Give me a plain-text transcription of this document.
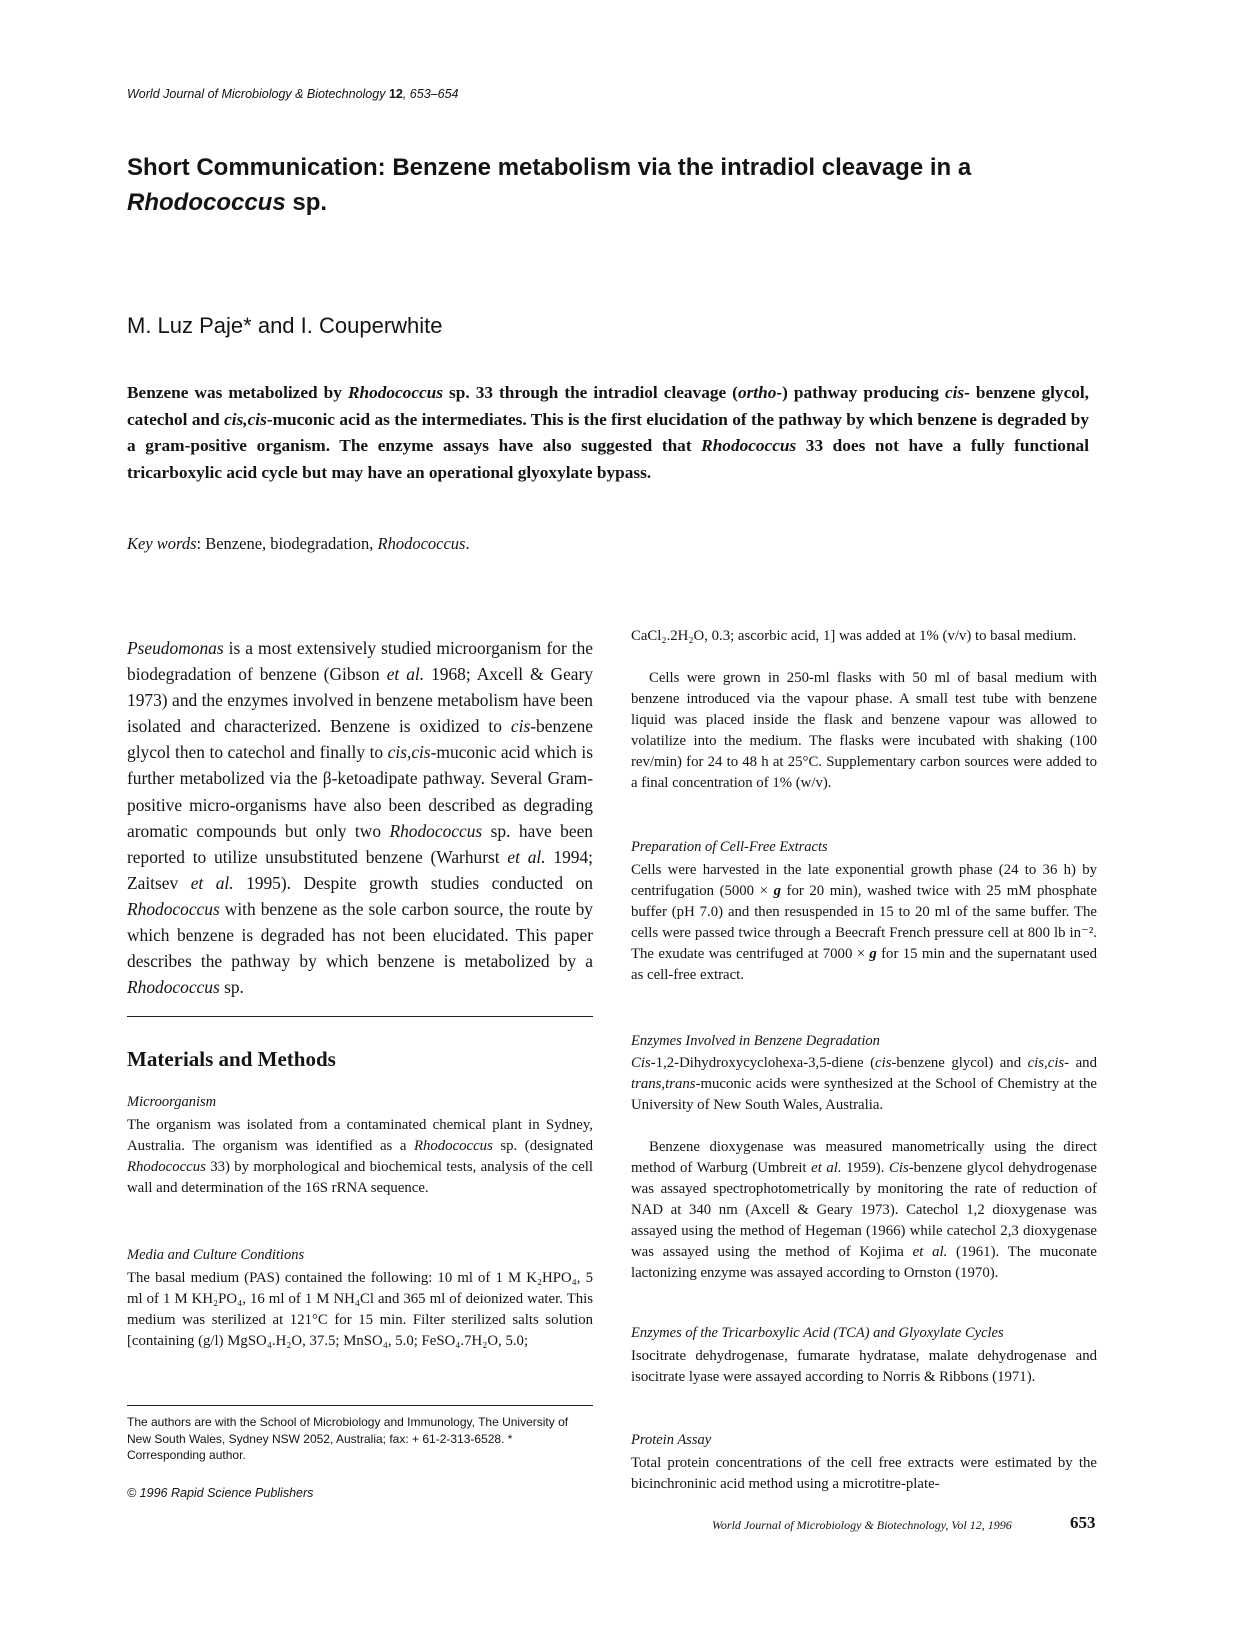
World Journal of Microbiology & Biotechnology 12, 653–654
Short Communication: Benzene metabolism via the intradiol cleavage in a
Rhodococcus sp.
M. Luz Paje* and I. Couperwhite
Benzene was metabolized by Rhodococcus sp. 33 through the intradiol cleavage (ortho-) pathway producing cis- benzene glycol, catechol and cis,cis-muconic acid as the intermediates. This is the first elucidation of the pathway by which benzene is degraded by a gram-positive organism. The enzyme assays have also suggested that Rhodococcus 33 does not have a fully functional tricarboxylic acid cycle but may have an operational glyoxylate bypass.
Key words: Benzene, biodegradation, Rhodococcus.
Pseudomonas is a most extensively studied microorganism for the biodegradation of benzene (Gibson et al. 1968; Axcell & Geary 1973) and the enzymes involved in benzene metabolism have been isolated and characterized. Benzene is oxidized to cis-benzene glycol then to catechol and finally to cis,cis-muconic acid which is further metabolized via the β-ketoadipate pathway. Several Gram-positive micro-organisms have also been described as degrading aromatic compounds but only two Rhodococcus sp. have been reported to utilize unsubstituted benzene (Warhurst et al. 1994; Zaitsev et al. 1995). Despite growth studies conducted on Rhodococcus with benzene as the sole carbon source, the route by which benzene is degraded has not been elucidated. This paper describes the pathway by which benzene is metabolized by a Rhodococcus sp.
Materials and Methods
Microorganism
The organism was isolated from a contaminated chemical plant in Sydney, Australia. The organism was identified as a Rhodococcus sp. (designated Rhodococcus 33) by morphological and biochemical tests, analysis of the cell wall and determination of the 16S rRNA sequence.
Media and Culture Conditions
The basal medium (PAS) contained the following: 10 ml of 1 M K₂HPO₄, 5 ml of 1 M KH₂PO₄, 16 ml of 1 M NH₄Cl and 365 ml of deionized water. This medium was sterilized at 121°C for 15 min. Filter sterilized salts solution [containing (g/l) MgSO₄.H₂O, 37.5; MnSO₄, 5.0; FeSO₄.7H₂O, 5.0;
The authors are with the School of Microbiology and Immunology, The University of New South Wales, Sydney NSW 2052, Australia; fax: + 61-2-313-6528. * Corresponding author.
© 1996 Rapid Science Publishers
CaCl₂.2H₂O, 0.3; ascorbic acid, 1] was added at 1% (v/v) to basal medium.
Cells were grown in 250-ml flasks with 50 ml of basal medium with benzene introduced via the vapour phase. A small test tube with benzene liquid was placed inside the flask and benzene vapour was allowed to volatilize into the medium. The flasks were incubated with shaking (100 rev/min) for 24 to 48 h at 25°C. Supplementary carbon sources were added to a final concentration of 1% (w/v).
Preparation of Cell-Free Extracts
Cells were harvested in the late exponential growth phase (24 to 36 h) by centrifugation (5000 × g for 20 min), washed twice with 25 mM phosphate buffer (pH 7.0) and then resuspended in 15 to 20 ml of the same buffer. The cells were passed twice through a Beecraft French pressure cell at 800 lb in⁻². The exudate was centrifuged at 7000 × g for 15 min and the supernatant used as cell-free extract.
Enzymes Involved in Benzene Degradation
Cis-1,2-Dihydroxycyclohexa-3,5-diene (cis-benzene glycol) and cis,cis- and trans,trans-muconic acids were synthesized at the School of Chemistry at the University of New South Wales, Australia.
Benzene dioxygenase was measured manometrically using the direct method of Warburg (Umbreit et al. 1959). Cis-benzene glycol dehydrogenase was assayed spectrophotometrically by monitoring the rate of reduction of NAD at 340 nm (Axcell & Geary 1973). Catechol 1,2 dioxygenase was assayed using the method of Hegeman (1966) while catechol 2,3 dioxygenase was assayed using the method of Kojima et al. (1961). The muconate lactonizing enzyme was assayed according to Ornston (1970).
Enzymes of the Tricarboxylic Acid (TCA) and Glyoxylate Cycles
Isocitrate dehydrogenase, fumarate hydratase, malate dehydrogenase and isocitrate lyase were assayed according to Norris & Ribbons (1971).
Protein Assay
Total protein concentrations of the cell free extracts were estimated by the bicinchroninic acid method using a microtitre-plate-
World Journal of Microbiology & Biotechnology, Vol 12, 1996	653
